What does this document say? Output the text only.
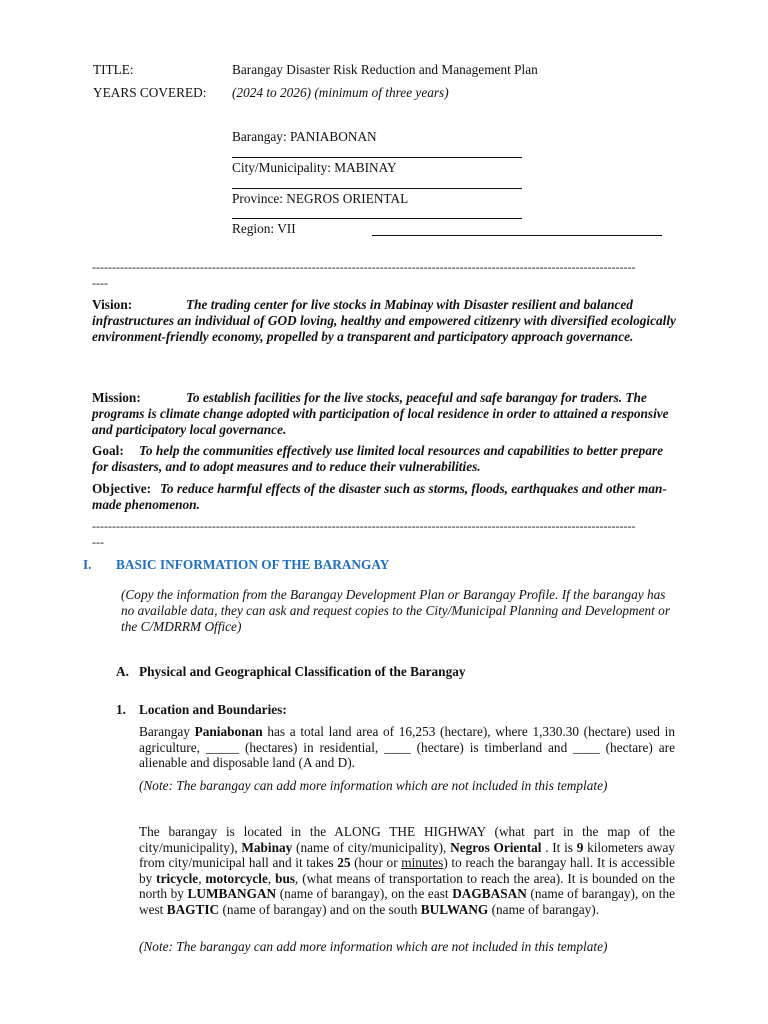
TITLE:	Barangay Disaster Risk Reduction and Management Plan
YEARS COVERED: (2024 to 2026) (minimum of three years)
Barangay: PANIABONAN
City/Municipality: MABINAY
Province: NEGROS ORIENTAL
Region: VII
----------------------------------------------------------------------------------------------------------------------------------------
----
Vision:	The trading center for live stocks in Mabinay with Disaster resilient and balanced infrastructures an individual of GOD loving, healthy and empowered citizenry with diversified ecologically environment-friendly economy, propelled by a transparent and participatory approach governance.
Mission:	To establish facilities for the live stocks, peaceful and safe barangay for traders. The programs is climate change adopted with participation of local residence in order to attained a responsive and participatory local governance.
Goal: To help the communities effectively use limited local resources and capabilities to better prepare for disasters, and to adopt measures and to reduce their vulnerabilities.
Objective: To reduce harmful effects of the disaster such as storms, floods, earthquakes and other man-made phenomenon.
----------------------------------------------------------------------------------------------------------------------------------------
---
I. BASIC INFORMATION OF THE BARANGAY
(Copy the information from the Barangay Development Plan or Barangay Profile. If the barangay has no available data, they can ask and request copies to the City/Municipal Planning and Development or the C/MDRRM Office)
A. Physical and Geographical Classification of the Barangay
1. Location and Boundaries:
Barangay Paniabonan has a total land area of 16,253 (hectare), where 1,330.30 (hectare) used in agriculture, _____ (hectares) in residential, ____ (hectare) is timberland and ____ (hectare) are alienable and disposable land (A and D).
(Note: The barangay can add more information which are not included in this template)
The barangay is located in the ALONG THE HIGHWAY (what part in the map of the city/municipality), Mabinay (name of city/municipality), Negros Oriental . It is 9 kilometers away from city/municipal hall and it takes 25 (hour or minutes) to reach the barangay hall. It is accessible by tricycle, motorcycle, bus, (what means of transportation to reach the area). It is bounded on the north by LUMBANGAN (name of barangay), on the east DAGBASAN (name of barangay), on the west BAGTIC (name of barangay) and on the south BULWANG (name of barangay).
(Note: The barangay can add more information which are not included in this template)
